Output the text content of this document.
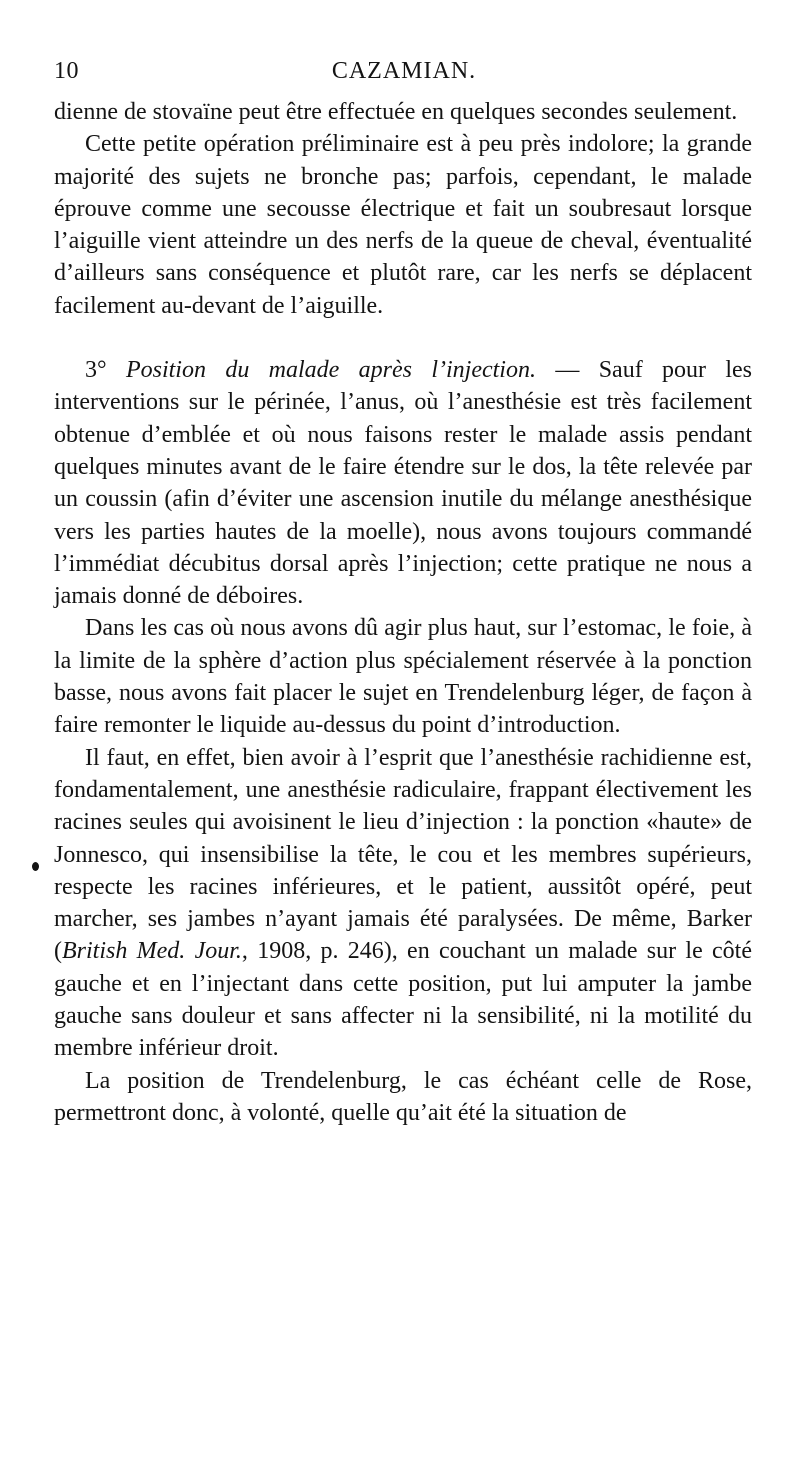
10	CAZAMIAN.

dienne de stovaïne peut être effectuée en quelques secondes seulement.

Cette petite opération préliminaire est à peu près indolore; la grande majorité des sujets ne bronche pas; parfois, cependant, le malade éprouve comme une secousse électrique et fait un soubresaut lorsque l’aiguille vient atteindre un des nerfs de la queue de cheval, éventualité d’ailleurs sans conséquence et plutôt rare, car les nerfs se déplacent facilement au-devant de l’aiguille.

3° Position du malade après l’injection. — Sauf pour les interventions sur le périnée, l’anus, où l’anesthésie est très facilement obtenue d’emblée et où nous faisons rester le malade assis pendant quelques minutes avant de le faire étendre sur le dos, la tête relevée par un coussin (afin d’éviter une ascension inutile du mélange anesthésique vers les parties hautes de la moelle), nous avons toujours commandé l’immédiat décubitus dorsal après l’injection; cette pratique ne nous a jamais donné de déboires.

Dans les cas où nous avons dû agir plus haut, sur l’estomac, le foie, à la limite de la sphère d’action plus spécialement réservée à la ponction basse, nous avons fait placer le sujet en Trendelenburg léger, de façon à faire remonter le liquide au-dessus du point d’introduction.

Il faut, en effet, bien avoir à l’esprit que l’anesthésie rachidienne est, fondamentalement, une anesthésie radiculaire, frappant électivement les racines seules qui avoisinent le lieu d’injection : la ponction «haute» de Jonnesco, qui insensibilise la tête, le cou et les membres supérieurs, respecte les racines inférieures, et le patient, aussitôt opéré, peut marcher, ses jambes n’ayant jamais été paralysées. De même, Barker (British Med. Jour., 1908, p. 246), en couchant un malade sur le côté gauche et en l’injectant dans cette position, put lui amputer la jambe gauche sans douleur et sans affecter ni la sensibilité, ni la motilité du membre inférieur droit.

La position de Trendelenburg, le cas échéant celle de Rose, permettront donc, à volonté, quelle qu’ait été la situation de
